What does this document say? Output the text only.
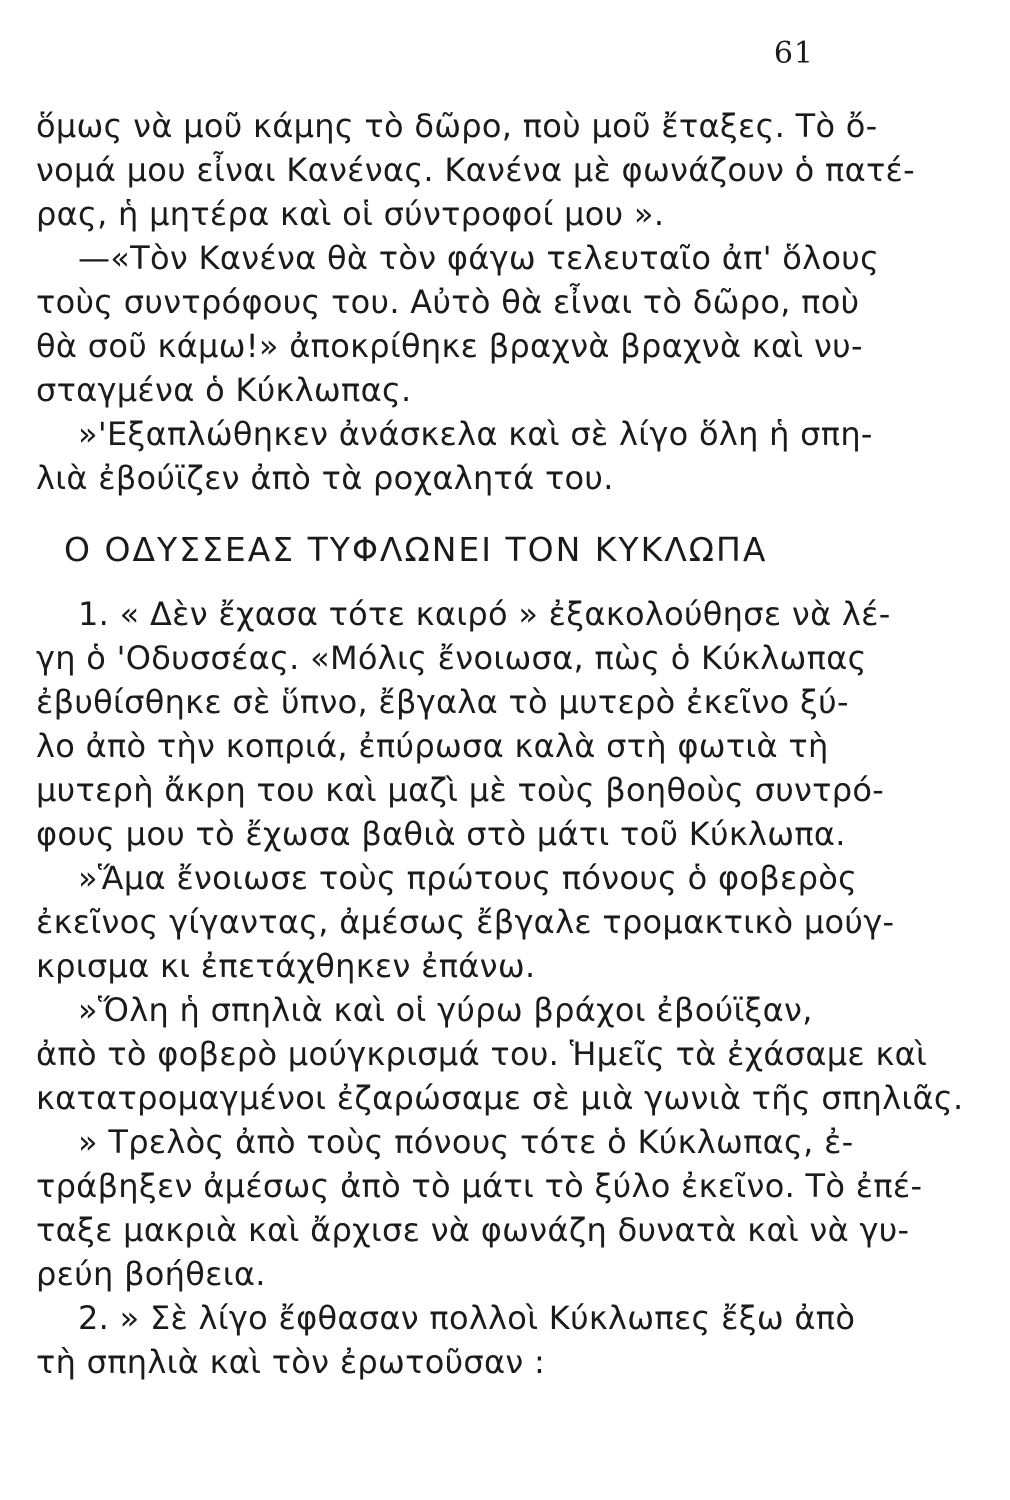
61
ὅμως νὰ μοῦ κάμης τὸ δῶρο, ποὺ μοῦ ἔταξες. Τὸ ὄ-
νομά μου εἶναι Κανένας. Κανένα μὲ φωνάζουν ὁ πατέ-
ρας, ἡ μητέρα καὶ οἱ σύντροφοί μου ».
—«Τὸν Κανένα θὰ τὸν φάγω τελευταῖο ἀπ' ὅλους
τοὺς συντρόφους του. Αὐτὸ θὰ εἶναι τὸ δῶρο, ποὺ
θὰ σοῦ κάμω!» ἀποκρίθηκε βραχνὰ βραχνὰ καὶ νυ-
σταγμένα ὁ Κύκλωπας.
»'Εξαπλώθηκεν ἀνάσκελα καὶ σὲ λίγο ὅλη ἡ σπη-
λιὰ ἐβούϊζεν ἀπὸ τὰ ροχαλητά του.
Ο ΟΔΥΣΣΕΑΣ ΤΥΦΛΩΝΕΙ ΤΟΝ ΚΥΚΛΩΠΑ
1. « Δὲν ἔχασα τότε καιρό » ἐξακολούθησε νὰ λέ-
γη ὁ 'Οδυσσέας. «Μόλις ἔνοιωσα, πὼς ὁ Κύκλωπας
ἐβυθίσθηκε σὲ ὕπνο, ἔβγαλα τὸ μυτερὸ ἐκεῖνο ξύ-
λο ἀπὸ τὴν κοπριά, ἐπύρωσα καλὰ στὴ φωτιὰ τὴ
μυτερὴ ἄκρη του καὶ μαζὶ μὲ τοὺς βοηθοὺς συντρό-
φους μου τὸ ἔχωσα βαθιὰ στὸ μάτι τοῦ Κύκλωπα.
»Ἅμα ἔνοιωσε τοὺς πρώτους πόνους ὁ φοβερὸς
ἐκεῖνος γίγαντας, ἀμέσως ἔβγαλε τρομακτικὸ μούγ-
κρισμα κι ἐπετάχθηκεν ἐπάνω.
»Ὅλη ἡ σπηλιὰ καὶ οἱ γύρω βράχοι ἐβούϊξαν,
ἀπὸ τὸ φοβερὸ μούγκρισμά του. Ἡμεῖς τὰ ἐχάσαμε καὶ
κατατρομαγμένοι ἐζαρώσαμε σὲ μιὰ γωνιὰ τῆς σπηλιᾶς.
» Τρελὸς ἀπὸ τοὺς πόνους τότε ὁ Κύκλωπας, ἐ-
τράβηξεν ἀμέσως ἀπὸ τὸ μάτι τὸ ξύλο ἐκεῖνο. Τὸ ἐπέ-
ταξε μακριὰ καὶ ἄρχισε νὰ φωνάζη δυνατὰ καὶ νὰ γυ-
ρεύη βοήθεια.
2. » Σὲ λίγο ἔφθασαν πολλοὶ Κύκλωπες ἔξω ἀπὸ
τὴ σπηλιὰ καὶ τὸν ἐρωτοῦσαν :
